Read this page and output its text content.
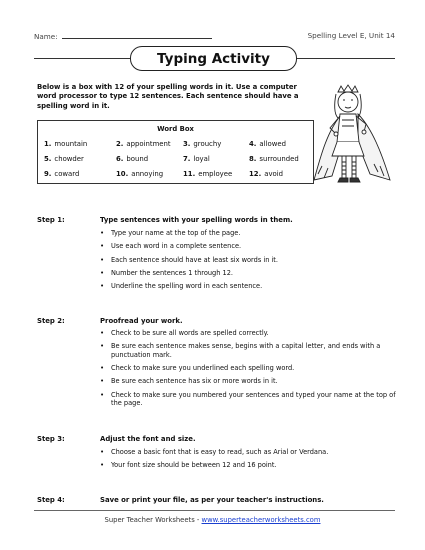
Name:	Spelling Level E, Unit 14
Typing Activity
Below is a box with 12 of your spelling words in it. Use a computer word processor to type 12 sentences. Each sentence should have a spelling word in it.
Word Box
1. mountain	2. appointment 3. grouchy	4. allowed
5. chowder	6. bound	7. loyal	8. surrounded
9. coward	10. annoying	11. employee 12. avoid
Step 1:	Type sentences with your spelling words in them.
• Type your name at the top of the page.
• Use each word in a complete sentence.
• Each sentence should have at least six words in it.
• Number the sentences 1 through 12.
• Underline the spelling word in each sentence.
Step 2:	Proofread your work.
• Check to be sure all words are spelled correctly.
• Be sure each sentence makes sense, begins with a capital letter, and ends with a punctuation mark.
• Check to make sure you underlined each spelling word.
• Be sure each sentence has six or more words in it.
• Check to make sure you numbered your sentences and typed your name at the top of the page.
Step 3:	Adjust the font and size.
• Choose a basic font that is easy to read, such as Arial or Verdana.
• Your font size should be between 12 and 16 point.
Step 4:	Save or print your file, as per your teacher's instructions.
Super Teacher Worksheets - www.superteacherworksheets.com
